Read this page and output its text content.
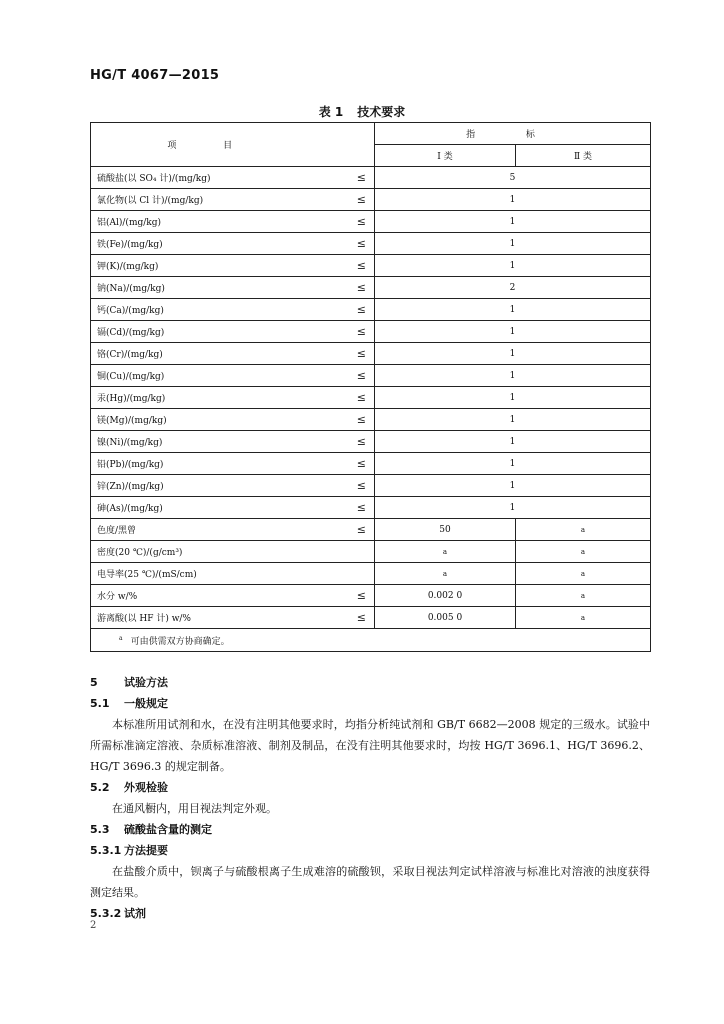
HG/T 4067—2015
表 1 技术要求
项 目		指 标	
		Ⅰ 类	Ⅱ 类
硫酸盐(以 SO₄ 计)/(mg/kg)	≤	5	
氯化物(以 Cl 计)/(mg/kg)	≤	1	
铝(Al)/(mg/kg)	≤	1	
铁(Fe)/(mg/kg)	≤	1	
钾(K)/(mg/kg)	≤	1	
钠(Na)/(mg/kg)	≤	2	
钙(Ca)/(mg/kg)	≤	1	
镉(Cd)/(mg/kg)	≤	1	
铬(Cr)/(mg/kg)	≤	1	
铜(Cu)/(mg/kg)	≤	1	
汞(Hg)/(mg/kg)	≤	1	
镁(Mg)/(mg/kg)	≤	1	
镍(Ni)/(mg/kg)	≤	1	
铅(Pb)/(mg/kg)	≤	1	
锌(Zn)/(mg/kg)	≤	1	
砷(As)/(mg/kg)	≤	1	
色度/黑曾	≤	50	a
密度(20 ℃)/(g/cm³)		a	a
电导率(25 ℃)/(mS/cm)		a	a
水分 w/%	≤	0.002 0	a
游离酸(以 HF 计) w/%	≤	0.005 0	a
$^a$ 可由供需双方协商确定。			
5 试验方法
5.1 一般规定
本标准所用试剂和水，在没有注明其他要求时，均指分析纯试剂和 GB/T 6682—2008 规定的三级水。试验中所需标准滴定溶液、杂质标准溶液、制剂及制品，在没有注明其他要求时，均按 HG/T 3696.1、HG/T 3696.2、HG/T 3696.3 的规定制备。
5.2 外观检验
在通风橱内，用目视法判定外观。
5.3 硫酸盐含量的测定
5.3.1 方法提要
在盐酸介质中，钡离子与硫酸根离子生成难溶的硫酸钡，采取目视法判定试样溶液与标准比对溶液的浊度获得测定结果。
5.3.2 试剂
2
